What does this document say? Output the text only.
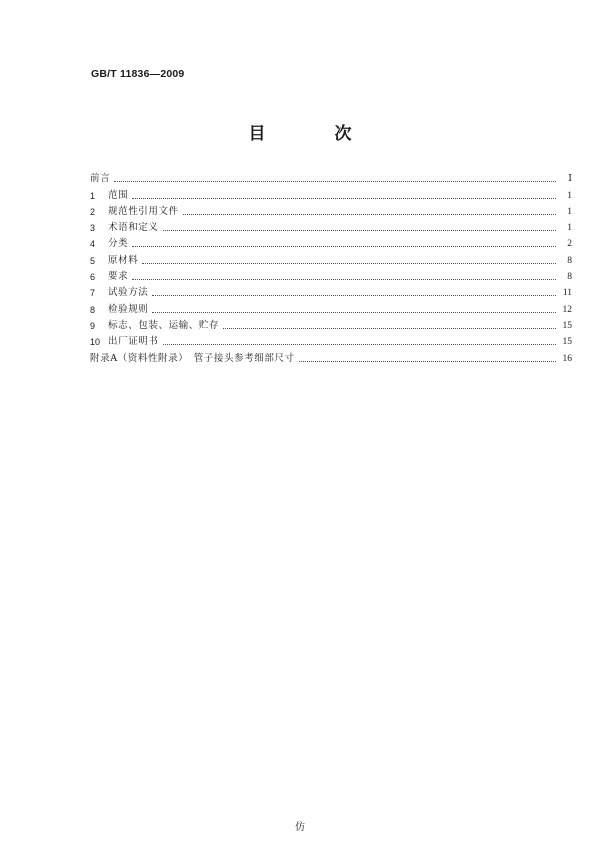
GB/T 11836—2009
目　次
前言	Ⅰ
1	范围	1
2	规范性引用文件	1
3	术语和定义	1
4	分类	2
5	原材料	8
6	要求	8
7	试验方法	11
8	检验规则	12
9	标志、包装、运输、贮存	15
10 出厂证明书	15
附录A（资料性附录）　管子接头参考细部尺寸	16
仿
